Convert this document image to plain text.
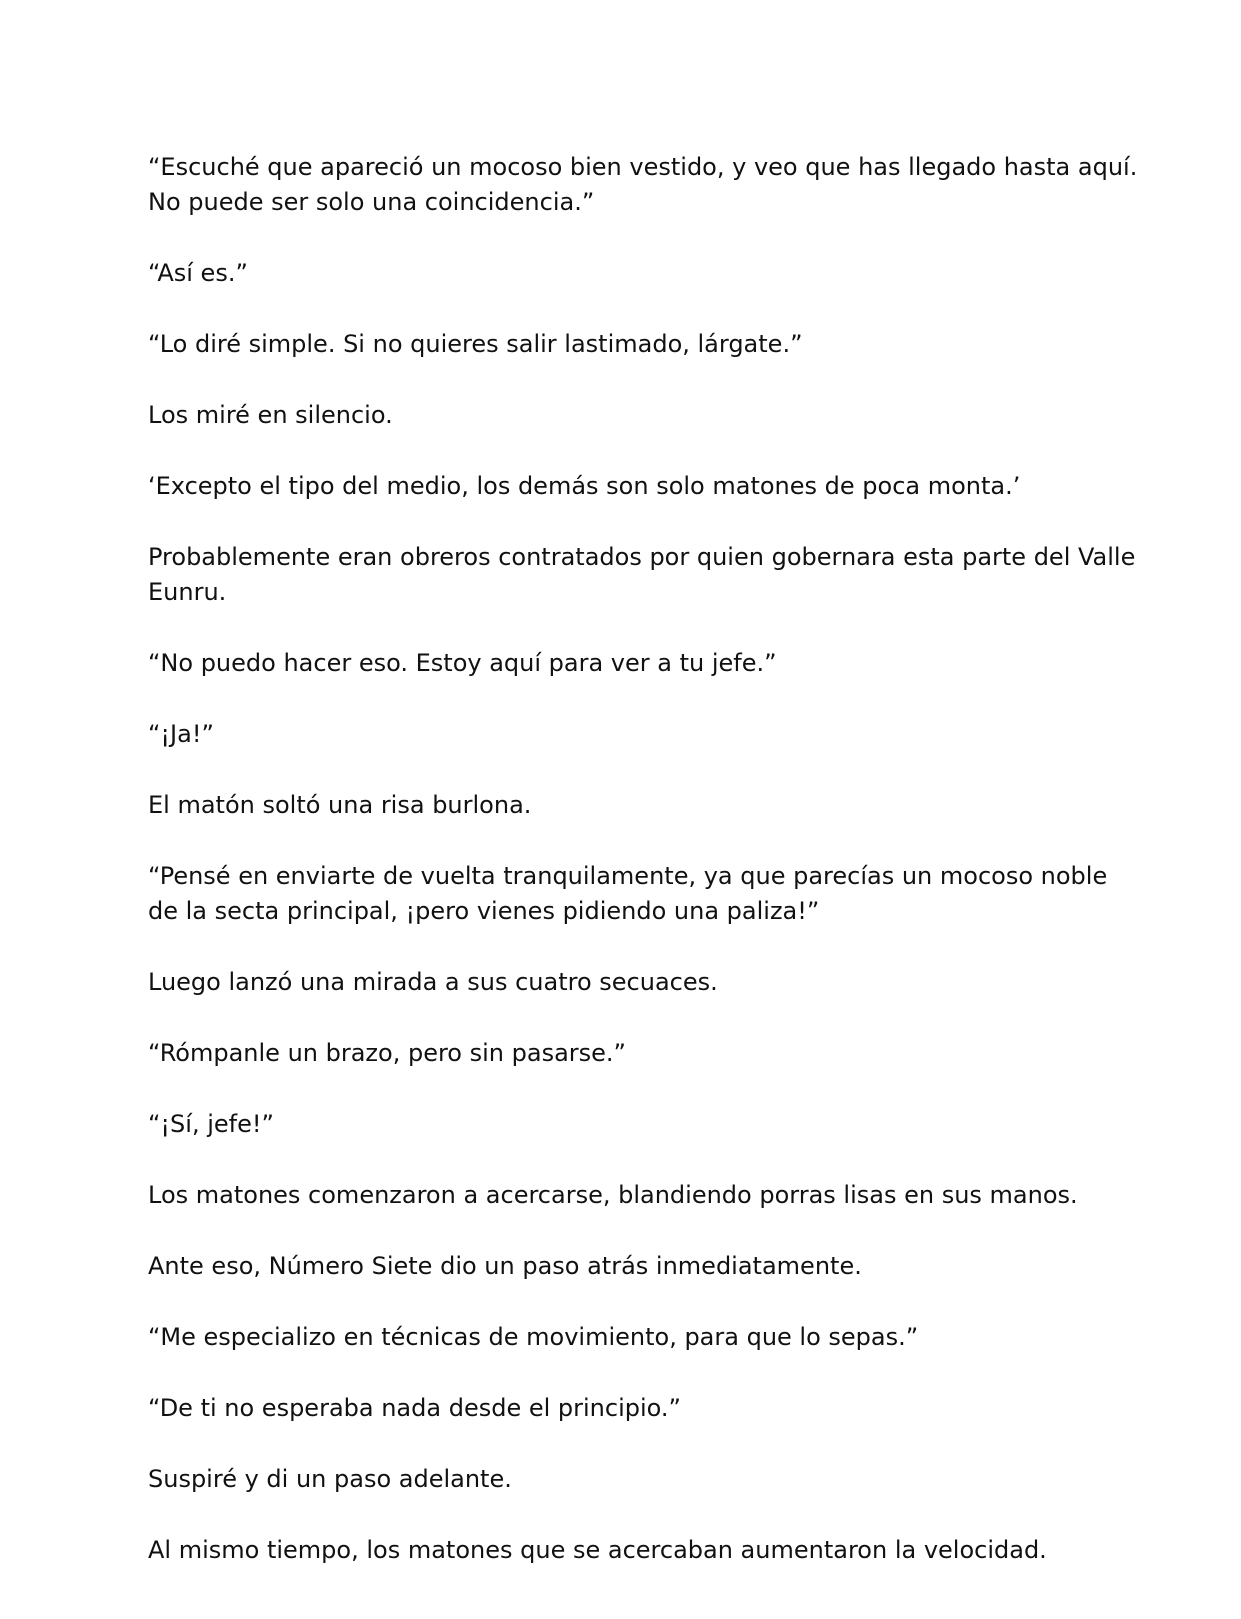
“Escuché que apareció un mocoso bien vestido, y veo que has llegado hasta aquí. No puede ser solo una coincidencia.”

“Así es.”

“Lo diré simple. Si no quieres salir lastimado, lárgate.”

Los miré en silencio.

‘Excepto el tipo del medio, los demás son solo matones de poca monta.’

Probablemente eran obreros contratados por quien gobernara esta parte del Valle Eunru.

“No puedo hacer eso. Estoy aquí para ver a tu jefe.”

“¡Ja!”

El matón soltó una risa burlona.

“Pensé en enviarte de vuelta tranquilamente, ya que parecías un mocoso noble de la secta principal, ¡pero vienes pidiendo una paliza!”

Luego lanzó una mirada a sus cuatro secuaces.

“Rómpanle un brazo, pero sin pasarse.”

“¡Sí, jefe!”

Los matones comenzaron a acercarse, blandiendo porras lisas en sus manos.

Ante eso, Número Siete dio un paso atrás inmediatamente.

“Me especializo en técnicas de movimiento, para que lo sepas.”

“De ti no esperaba nada desde el principio.”

Suspiré y di un paso adelante.

Al mismo tiempo, los matones que se acercaban aumentaron la velocidad.
